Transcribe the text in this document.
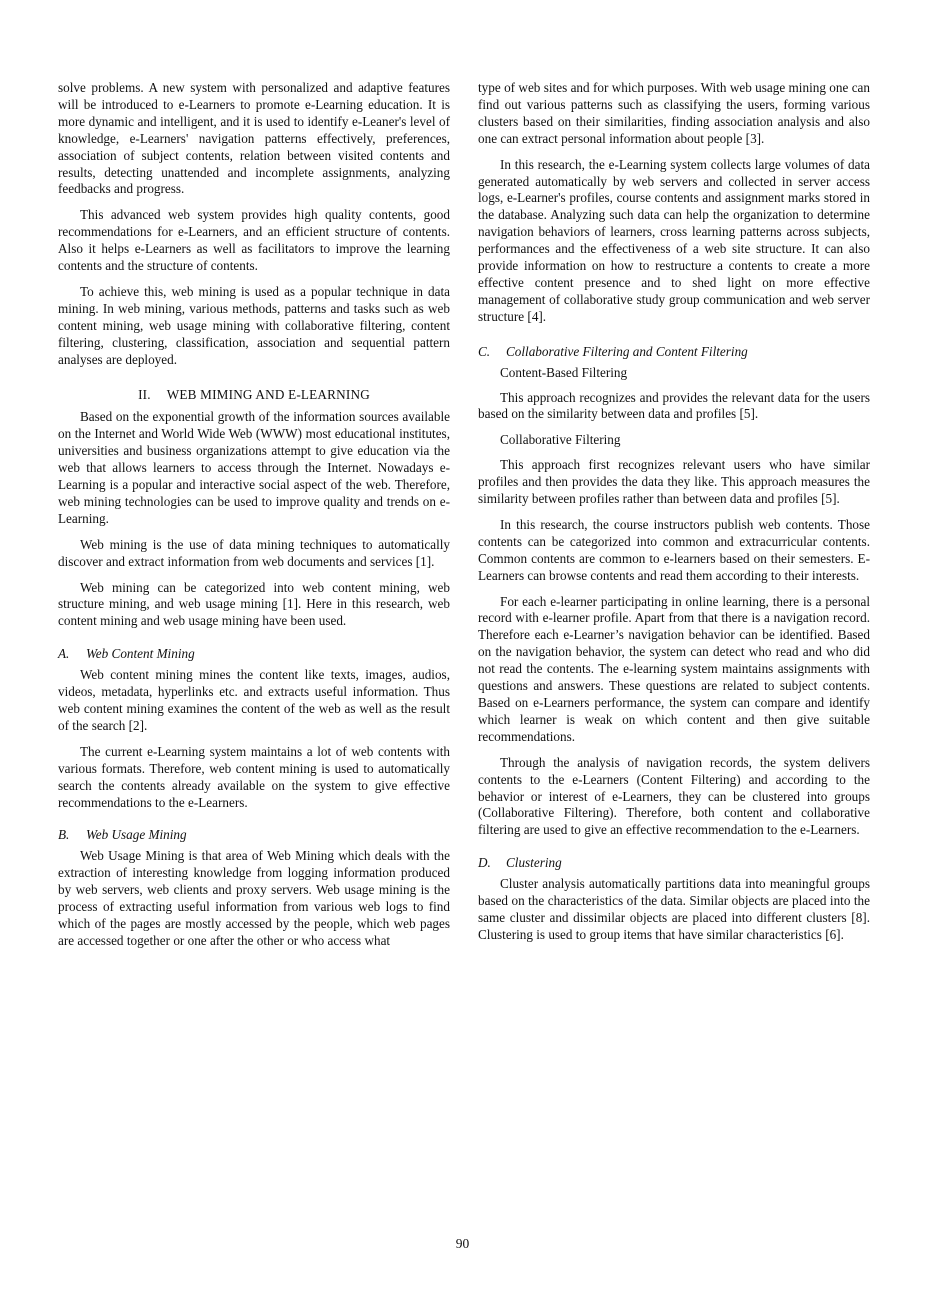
solve problems. A new system with personalized and adaptive features will be introduced to e-Learners to promote e-Learning education. It is more dynamic and intelligent, and it is used to identify e-Leaner's level of knowledge, e-Learners' navigation patterns effectively, preferences, association of subject contents, relation between visited contents and results, detecting unattended and incomplete assignments, analyzing feedbacks and progress.

This advanced web system provides high quality contents, good recommendations for e-Learners, and an efficient structure of contents. Also it helps e-Learners as well as facilitators to improve the learning contents and the structure of contents.

To achieve this, web mining is used as a popular technique in data mining. In web mining, various methods, patterns and tasks such as web content mining, web usage mining with collaborative filtering, content filtering, clustering, classification, association and sequential pattern analyses are deployed.

II. WEB MIMING AND E-LEARNING

Based on the exponential growth of the information sources available on the Internet and World Wide Web (WWW) most educational institutes, universities and business organizations attempt to give education via the web that allows learners to access through the Internet. Nowadays e-Learning is a popular and interactive social aspect of the web. Therefore, web mining technologies can be used to improve quality and trends on e-Learning.

Web mining is the use of data mining techniques to automatically discover and extract information from web documents and services [1].

Web mining can be categorized into web content mining, web structure mining, and web usage mining [1]. Here in this research, web content mining and web usage mining have been used.

A. Web Content Mining

Web content mining mines the content like texts, images, audios, videos, metadata, hyperlinks etc. and extracts useful information. Thus web content mining examines the content of the web as well as the result of the search [2].

The current e-Learning system maintains a lot of web contents with various formats. Therefore, web content mining is used to automatically search the contents already available on the system to give effective recommendations to the e-Learners.

B. Web Usage Mining

Web Usage Mining is that area of Web Mining which deals with the extraction of interesting knowledge from logging information produced by web servers, web clients and proxy servers. Web usage mining is the process of extracting useful information from various web logs to find which of the pages are mostly accessed by the people, which web pages are accessed together or one after the other or who access what

type of web sites and for which purposes. With web usage mining one can find out various patterns such as classifying the users, forming various clusters based on their similarities, finding association analysis and also one can extract personal information about people [3].

In this research, the e-Learning system collects large volumes of data generated automatically by web servers and collected in server access logs, e-Learner's profiles, course contents and assignment marks stored in the database. Analyzing such data can help the organization to determine navigation behaviors of learners, cross learning patterns across subjects, performances and the effectiveness of a web site structure. It can also provide information on how to restructure a contents to create a more effective content presence and to shed light on more effective management of collaborative study group communication and web server structure [4].

C. Collaborative Filtering and Content Filtering
Content-Based Filtering

This approach recognizes and provides the relevant data for the users based on the similarity between data and profiles [5].

Collaborative Filtering

This approach first recognizes relevant users who have similar profiles and then provides the data they like. This approach measures the similarity between profiles rather than between data and profiles [5].

In this research, the course instructors publish web contents. Those contents can be categorized into common and extracurricular contents. Common contents are common to e-learners based on their semesters. E-Learners can browse contents and read them according to their interests.

For each e-learner participating in online learning, there is a personal record with e-learner profile. Apart from that there is a navigation record. Therefore each e-Learner’s navigation behavior can be identified. Based on the navigation behavior, the system can detect who read and who did not read the contents. The e-learning system maintains assignments with questions and answers. These questions are related to subject contents. Based on e-Learners performance, the system can compare and identify which learner is weak on which content and then give suitable recommendations.

Through the analysis of navigation records, the system delivers contents to the e-Learners (Content Filtering) and according to the behavior or interest of e-Learners, they can be clustered into groups (Collaborative Filtering). Therefore, both content and collaborative filtering are used to give an effective recommendation to the e-Learners.

D. Clustering

Cluster analysis automatically partitions data into meaningful groups based on the characteristics of the data. Similar objects are placed into the same cluster and dissimilar objects are placed into different clusters [8]. Clustering is used to group items that have similar characteristics [6].

90
